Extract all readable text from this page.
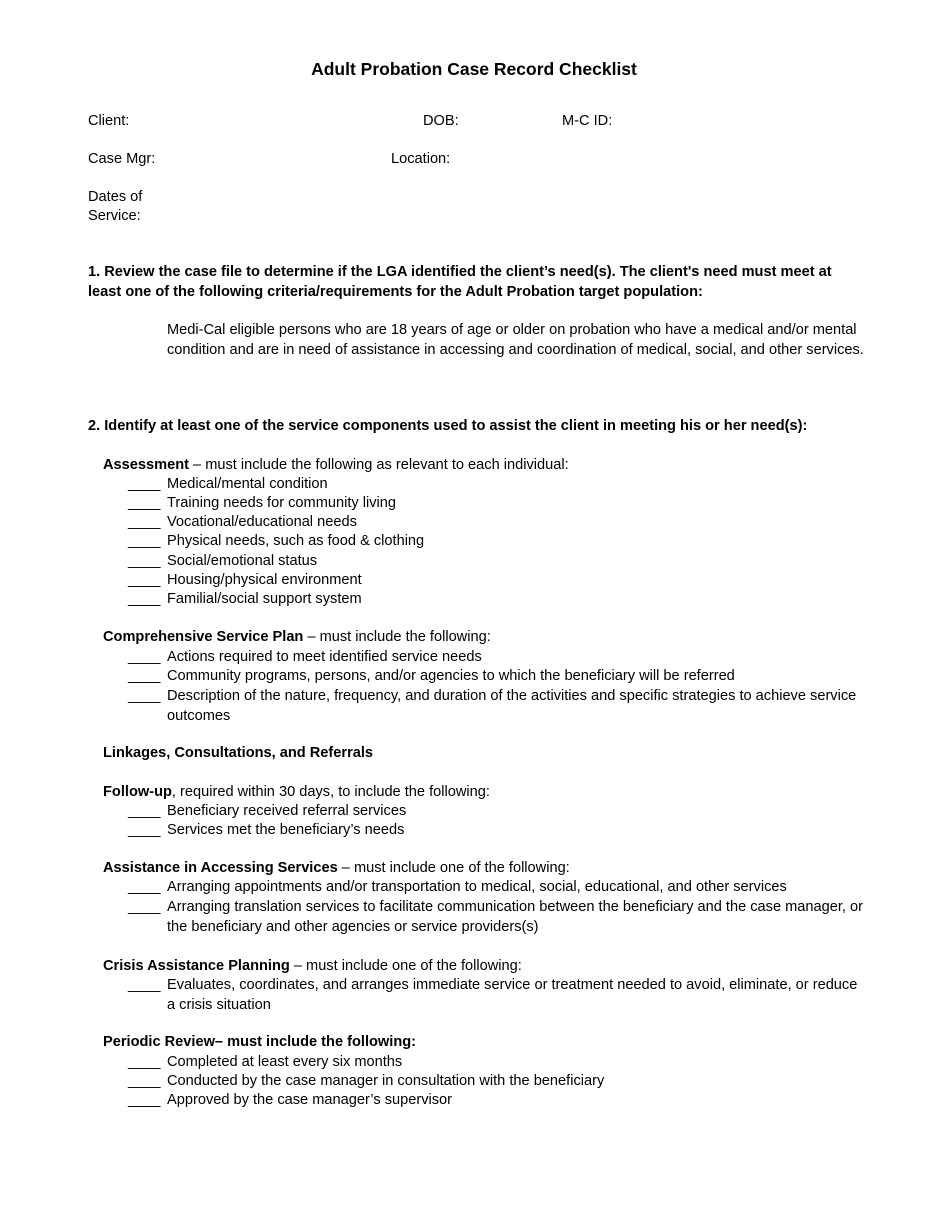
Adult Probation Case Record Checklist
Client:	DOB:	M-C ID:
Case Mgr:	Location:
Dates of
Service:
1. Review the case file to determine if the LGA identified the client’s need(s). The client's need must meet at least one of the following criteria/requirements for the Adult Probation target population:
Medi-Cal eligible persons who are 18 years of age or older on probation who have a medical and/or mental condition and are in need of assistance in accessing and coordination of medical, social, and other services.
2. Identify at least one of the service components used to assist the client in meeting his or her need(s):
Assessment – must include the following as relevant to each individual:
____ Medical/mental condition
____ Training needs for community living
____ Vocational/educational needs
____ Physical needs, such as food & clothing
____ Social/emotional status
____ Housing/physical environment
____ Familial/social support system
Comprehensive Service Plan – must include the following:
____ Actions required to meet identified service needs
____ Community programs, persons, and/or agencies to which the beneficiary will be referred
____ Description of the nature, frequency, and duration of the activities and specific strategies to achieve service outcomes
Linkages, Consultations, and Referrals
Follow-up, required within 30 days, to include the following:
____ Beneficiary received referral services
____ Services met the beneficiary’s needs
Assistance in Accessing Services – must include one of the following:
____ Arranging appointments and/or transportation to medical, social, educational, and other services
____ Arranging translation services to facilitate communication between the beneficiary and the case manager, or the beneficiary and other agencies or service providers(s)
Crisis Assistance Planning – must include one of the following:
____ Evaluates, coordinates, and arranges immediate service or treatment needed to avoid, eliminate, or reduce a crisis situation
Periodic Review– must include the following:
____ Completed at least every six months
____ Conducted by the case manager in consultation with the beneficiary
____ Approved by the case manager’s supervisor
